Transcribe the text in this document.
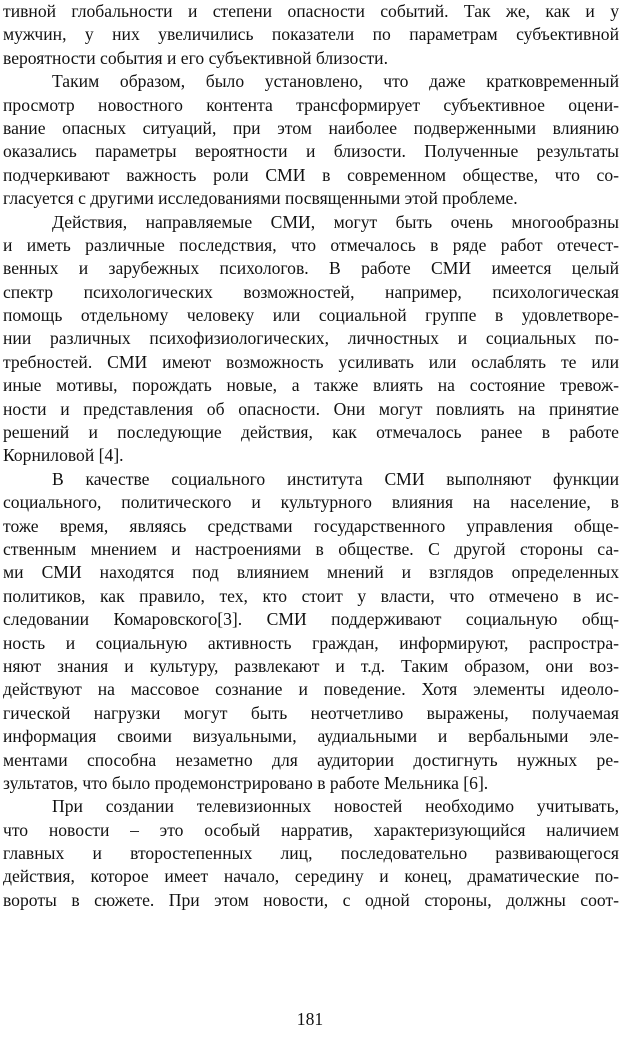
тивной глобальности и степени опасности событий. Так же, как и у
мужчин, у них увеличились показатели по параметрам субъективной
вероятности события и его субъективной близости.
Таким образом, было установлено, что даже кратковременный
просмотр новостного контента трансформирует субъективное оцени-
вание опасных ситуаций, при этом наиболее подверженными влиянию
оказались параметры вероятности и близости. Полученные результаты
подчеркивают важность роли СМИ в современном обществе, что со-
гласуется с другими исследованиями посвященными этой проблеме.
Действия, направляемые СМИ, могут быть очень многообразны
и иметь различные последствия, что отмечалось в ряде работ отечест-
венных и зарубежных психологов. В работе СМИ имеется целый
спектр психологических возможностей, например, психологическая
помощь отдельному человеку или социальной группе в удовлетворе-
нии различных психофизиологических, личностных и социальных по-
требностей. СМИ имеют возможность усиливать или ослаблять те или
иные мотивы, порождать новые, а также влиять на состояние тревож-
ности и представления об опасности. Они могут повлиять на принятие
решений и последующие действия, как отмечалось ранее в работе
Корниловой [4].
В качестве социального института СМИ выполняют функции
социального, политического и культурного влияния на население, в
тоже время, являясь средствами государственного управления обще-
ственным мнением и настроениями в обществе. С другой стороны са-
ми СМИ находятся под влиянием мнений и взглядов определенных
политиков, как правило, тех, кто стоит у власти, что отмечено в ис-
следовании Комаровского[3]. СМИ поддерживают социальную общ-
ность и социальную активность граждан, информируют, распростра-
няют знания и культуру, развлекают и т.д. Таким образом, они воз-
действуют на массовое сознание и поведение. Хотя элементы идеоло-
гической нагрузки могут быть неотчетливо выражены, получаемая
информация своими визуальными, аудиальными и вербальными эле-
ментами способна незаметно для аудитории достигнуть нужных ре-
зультатов, что было продемонстрировано в работе Мельника [6].
При создании телевизионных новостей необходимо учитывать,
что новости – это особый нарратив, характеризующийся наличием
главных и второстепенных лиц, последовательно развивающегося
действия, которое имеет начало, середину и конец, драматические по-
вороты в сюжете. При этом новости, с одной стороны, должны соот-
181
